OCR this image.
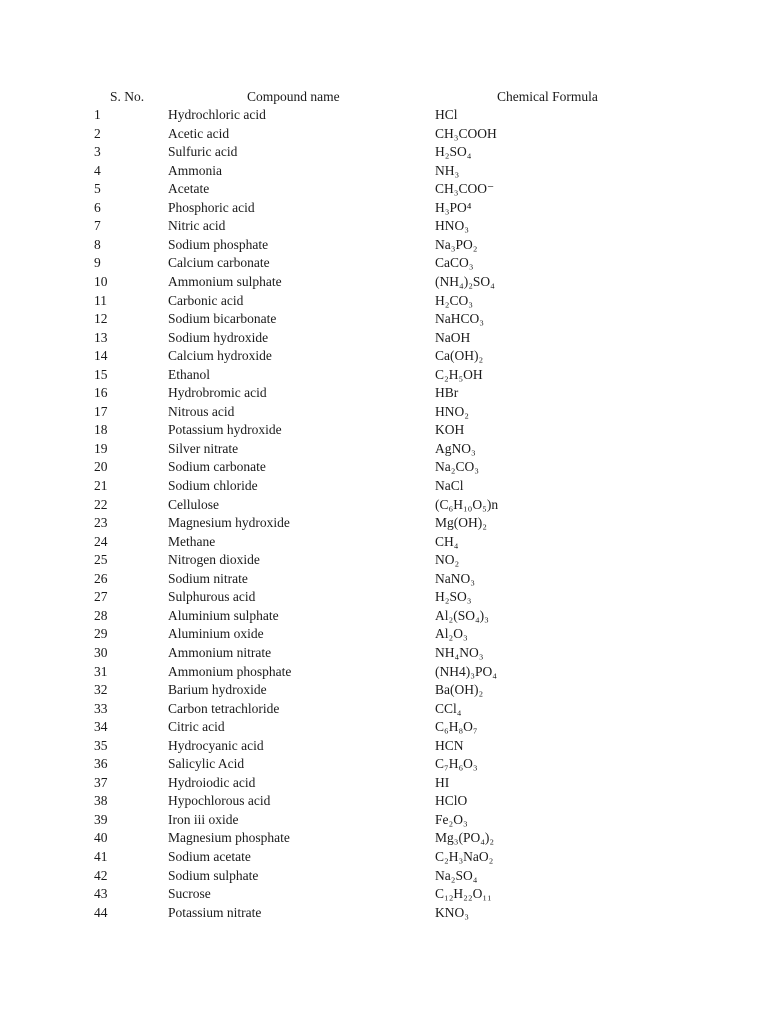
S. No.	Compound name	Chemical Formula
1	Hydrochloric acid	HCl
2	Acetic acid	CH₃COOH
3	Sulfuric acid	H₂SO₄
4	Ammonia	NH₃
5	Acetate	CH₃COO⁻
6	Phosphoric acid	H₃PO⁴
7	Nitric acid	HNO₃
8	Sodium phosphate	Na₃PO₂
9	Calcium carbonate	CaCO₃
10	Ammonium sulphate	(NH₄)₂SO₄
11	Carbonic acid	H₂CO₃
12	Sodium bicarbonate	NaHCO₃
13	Sodium hydroxide	NaOH
14	Calcium hydroxide	Ca(OH)₂
15	Ethanol	C₂H₅OH
16	Hydrobromic acid	HBr
17	Nitrous acid	HNO₂
18	Potassium hydroxide	KOH
19	Silver nitrate	AgNO₃
20	Sodium carbonate	Na₂CO₃
21	Sodium chloride	NaCl
22	Cellulose	(C₆H₁₀O₅)n
23	Magnesium hydroxide	Mg(OH)₂
24	Methane	CH₄
25	Nitrogen dioxide	NO₂
26	Sodium nitrate	NaNO₃
27	Sulphurous acid	H₂SO₃
28	Aluminium sulphate	Al₂(SO₄)₃
29	Aluminium oxide	Al₂O₃
30	Ammonium nitrate	NH₄NO₃
31	Ammonium phosphate	(NH4)₃PO₄
32	Barium hydroxide	Ba(OH)₂
33	Carbon tetrachloride	CCl₄
34	Citric acid	C₆H₈O₇
35	Hydrocyanic acid	HCN
36	Salicylic Acid	C₇H₆O₃
37	Hydroiodic acid	HI
38	Hypochlorous acid	HClO
39	Iron iii oxide	Fe₂O₃
40	Magnesium phosphate	Mg₃(PO₄)₂
41	Sodium acetate	C₂H₃NaO₂
42	Sodium sulphate	Na₂SO₄
43	Sucrose	C₁₂H₂₂O₁₁
44	Potassium nitrate	KNO₃
